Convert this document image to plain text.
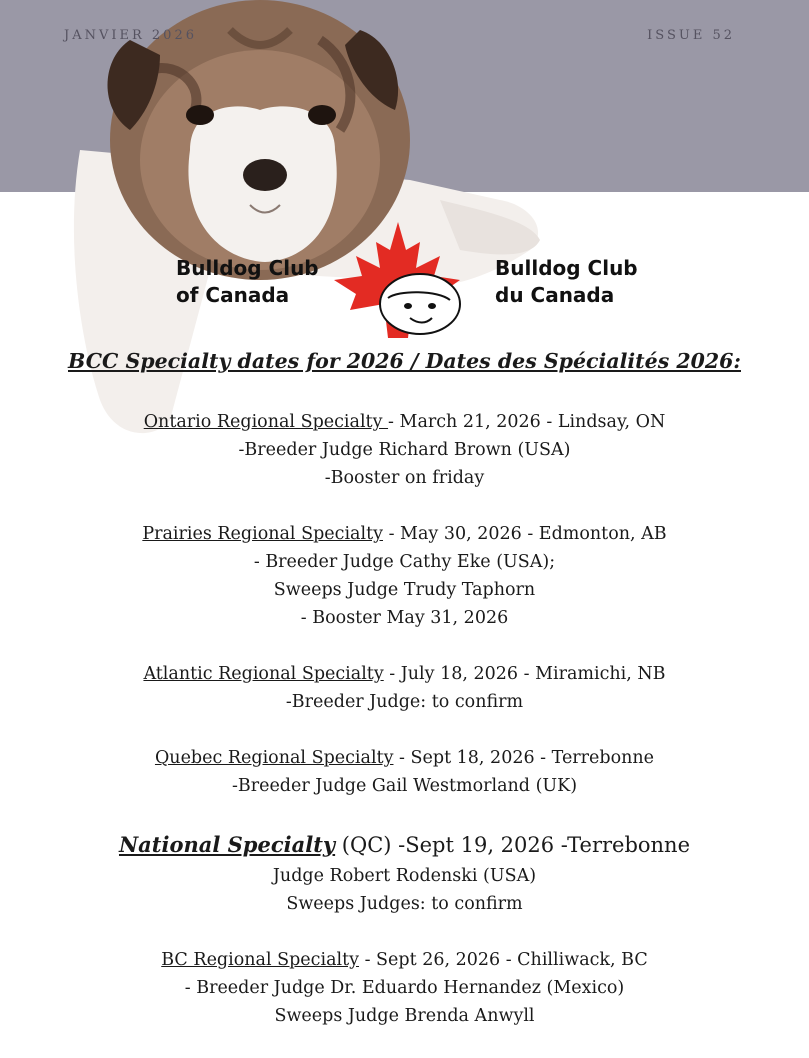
JANVIER 2026	ISSUE 52
Bulldog Club
of Canada
Bulldog Club
du Canada
BCC Specialty dates for 2026 / Dates des Spécialités 2026:
Ontario Regional Specialty - March 21, 2026 - Lindsay, ON
-Breeder Judge Richard Brown (USA)
-Booster on friday
Prairies Regional Specialty - May 30, 2026 - Edmonton, AB
- Breeder Judge Cathy Eke (USA);
Sweeps Judge Trudy Taphorn
- Booster May 31, 2026
Atlantic Regional Specialty - July 18, 2026 - Miramichi, NB
-Breeder Judge: to confirm
Quebec Regional Specialty - Sept 18, 2026 - Terrebonne
-Breeder Judge Gail Westmorland (UK)
National Specialty (QC) -Sept 19, 2026 -Terrebonne
Judge Robert Rodenski (USA)
Sweeps Judges: to confirm
BC Regional Specialty - Sept 26, 2026 - Chilliwack, BC
- Breeder Judge Dr. Eduardo Hernandez (Mexico)
Sweeps Judge Brenda Anwyll
